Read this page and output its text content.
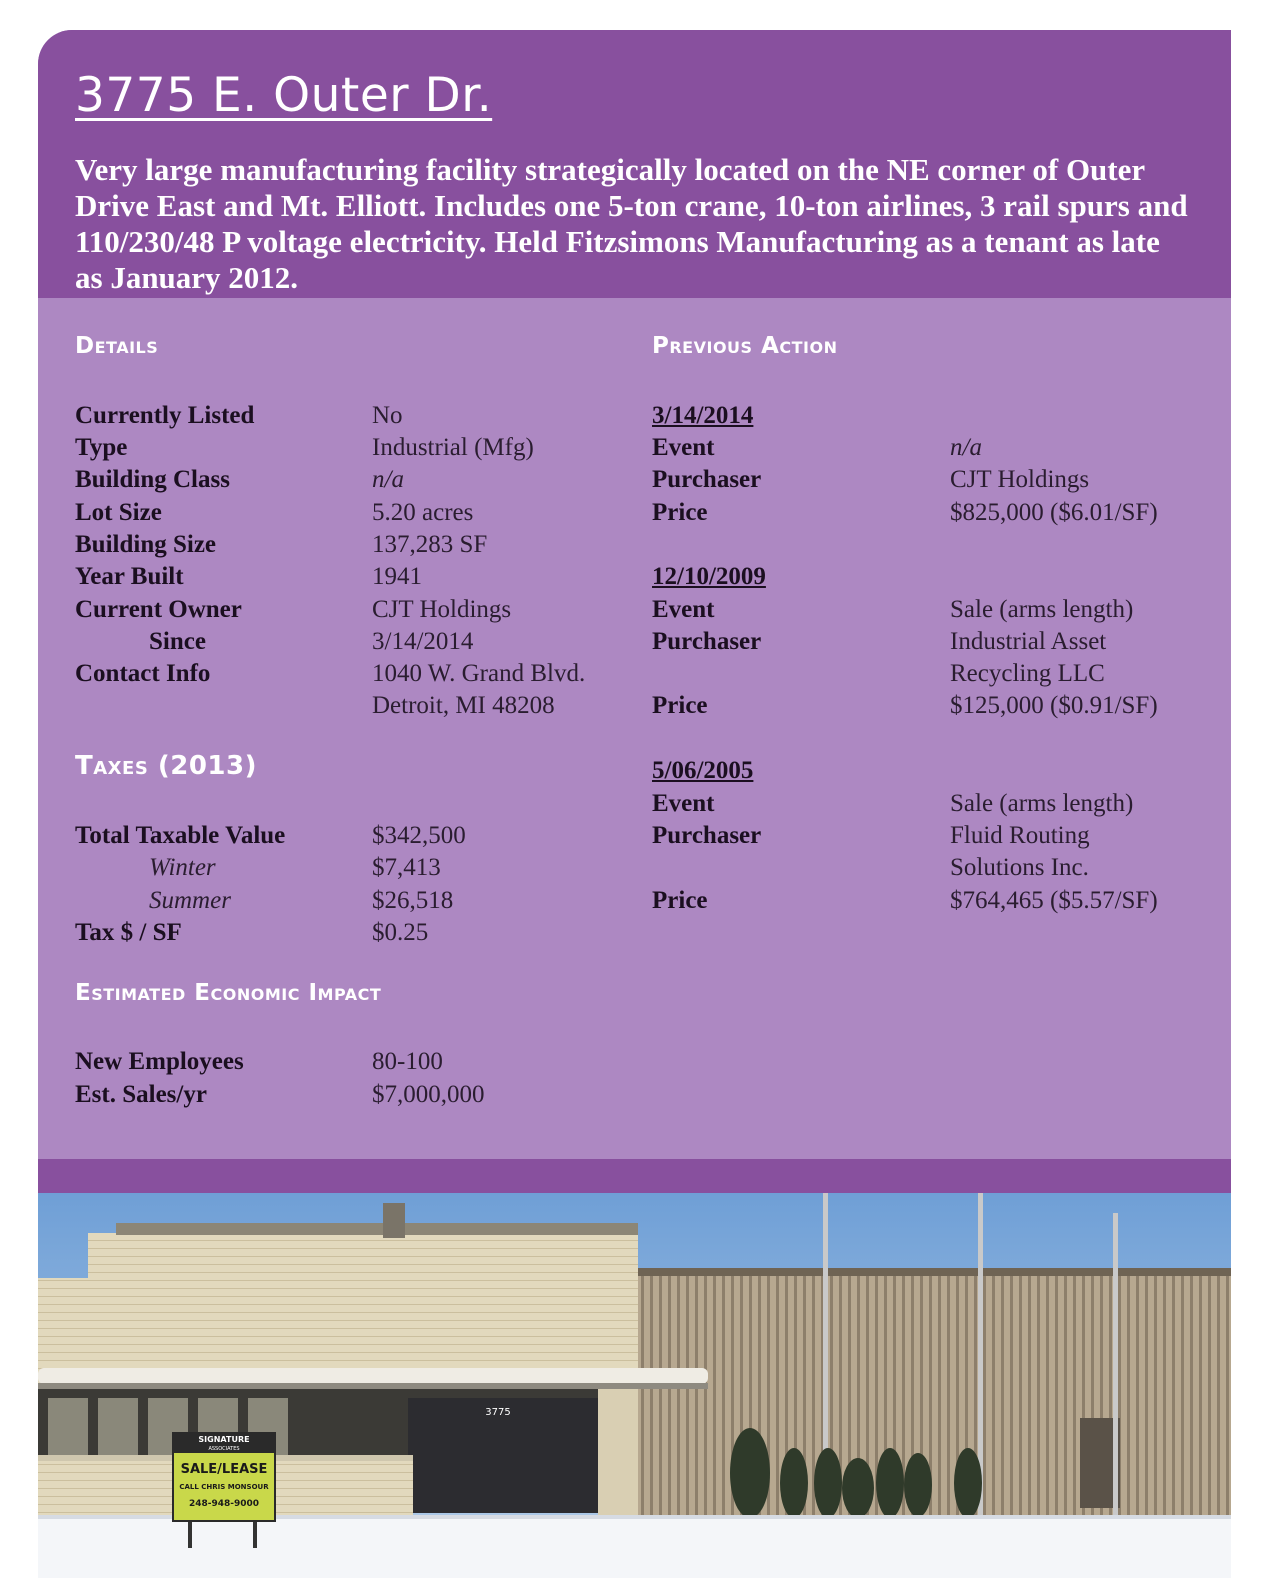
3775 E. Outer Dr.

Very large manufacturing facility strategically located on the NE corner of Outer Drive East and Mt. Elliott. Includes one 5-ton crane, 10-ton airlines, 3 rail spurs and 110/230/48 P voltage electricity. Held Fitzsimons Manufacturing as a tenant as late as January 2012.

Details
Currently Listed	No
Type	Industrial (Mfg)
Building Class	n/a
Lot Size	5.20 acres
Building Size	137,283 SF
Year Built	1941
Current Owner	CJT Holdings
Since	3/14/2014
Contact Info	1040 W. Grand Blvd.
Detroit, MI 48208
Taxes (2013)
Total Taxable Value	$342,500
Winter	$7,413
Summer	$26,518
Tax $ / SF	$0.25
Estimated Economic Impact
New Employees	80-100
Est. Sales/yr	$7,000,000
Previous Action
3/14/2014
Event	n/a
Purchaser	CJT Holdings
Price	$825,000 ($6.01/SF)
12/10/2009
Event	Sale (arms length)
Purchaser	Industrial Asset
Recycling LLC
Price	$125,000 ($0.91/SF)
5/06/2005
Event	Sale (arms length)
Purchaser	Fluid Routing
Solutions Inc.
Price	$764,465 ($5.57/SF)
3775
SIGNATURE
ASSOCIATES
SALE/LEASE
CALL CHRIS MONSOUR
248-948-9000
